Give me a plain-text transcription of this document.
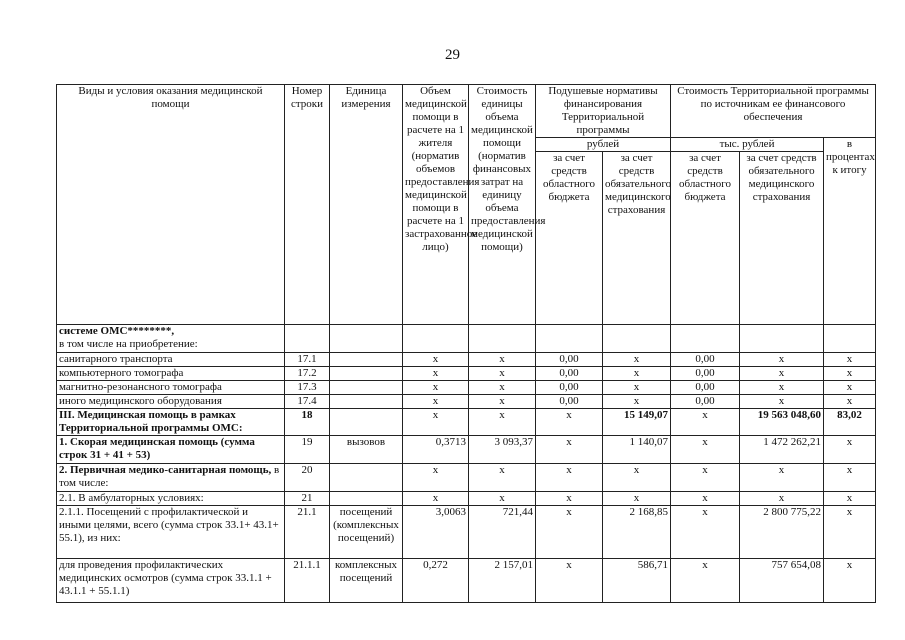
29
Виды и условия оказания медицинской помощи	Номер строки	Единица измерения	Объем медицинской помощи в расчете на 1 жителя (норматив объемов предоставления медицинской помощи в расчете на 1 застрахованное лицо)	Стоимость единицы объема медицинской помощи (норматив финансовых затрат на единицу объема предоставления медицинской помощи)	Подушевые нормативы финансирования Территориальной программы		Стоимость Территориальной программы по источникам ее финансового обеспечения		
					рублей		тыс. рублей		в процентах к итогу
					за счет средств областного бюджета	за счет средств обязательного медицинского страхования	за счет средств областного бюджета	за счет средств обязательного медицинского страхования	
системе ОМС********,
в том числе на приобретение:									
санитарного транспорта	17.1		х	х	0,00	х	0,00	х	х
компьютерного томографа	17.2		х	х	0,00	х	0,00	х	х
магнитно-резонансного томографа	17.3		х	х	0,00	х	0,00	х	х
иного медицинского оборудования	17.4		х	х	0,00	х	0,00	х	х
III. Медицинская помощь в рамках Территориальной программы ОМС:	18		х	х	х	15 149,07	х	19 563 048,60	83,02
1. Скорая медицинская помощь (сумма строк 31 + 41 + 53)	19	вызовов	0,3713	3 093,37	х	1 140,07	х	1 472 262,21	х
2. Первичная медико-санитарная помощь, в том числе:	20		х	х	х	х	х	х	х
2.1. В амбулаторных условиях:	21		х	х	х	х	х	х	х
2.1.1. Посещений с профилактической и иными целями, всего (сумма строк 33.1+ 43.1+ 55.1), из них:	21.1	посещений (комплексных посещений)	3,0063	721,44	х	2 168,85	х	2 800 775,22	х
для проведения профилактических медицинских осмотров (сумма строк 33.1.1 + 43.1.1 + 55.1.1)	21.1.1	комплексных посещений	0,272	2 157,01	х	586,71	х	757 654,08	х
